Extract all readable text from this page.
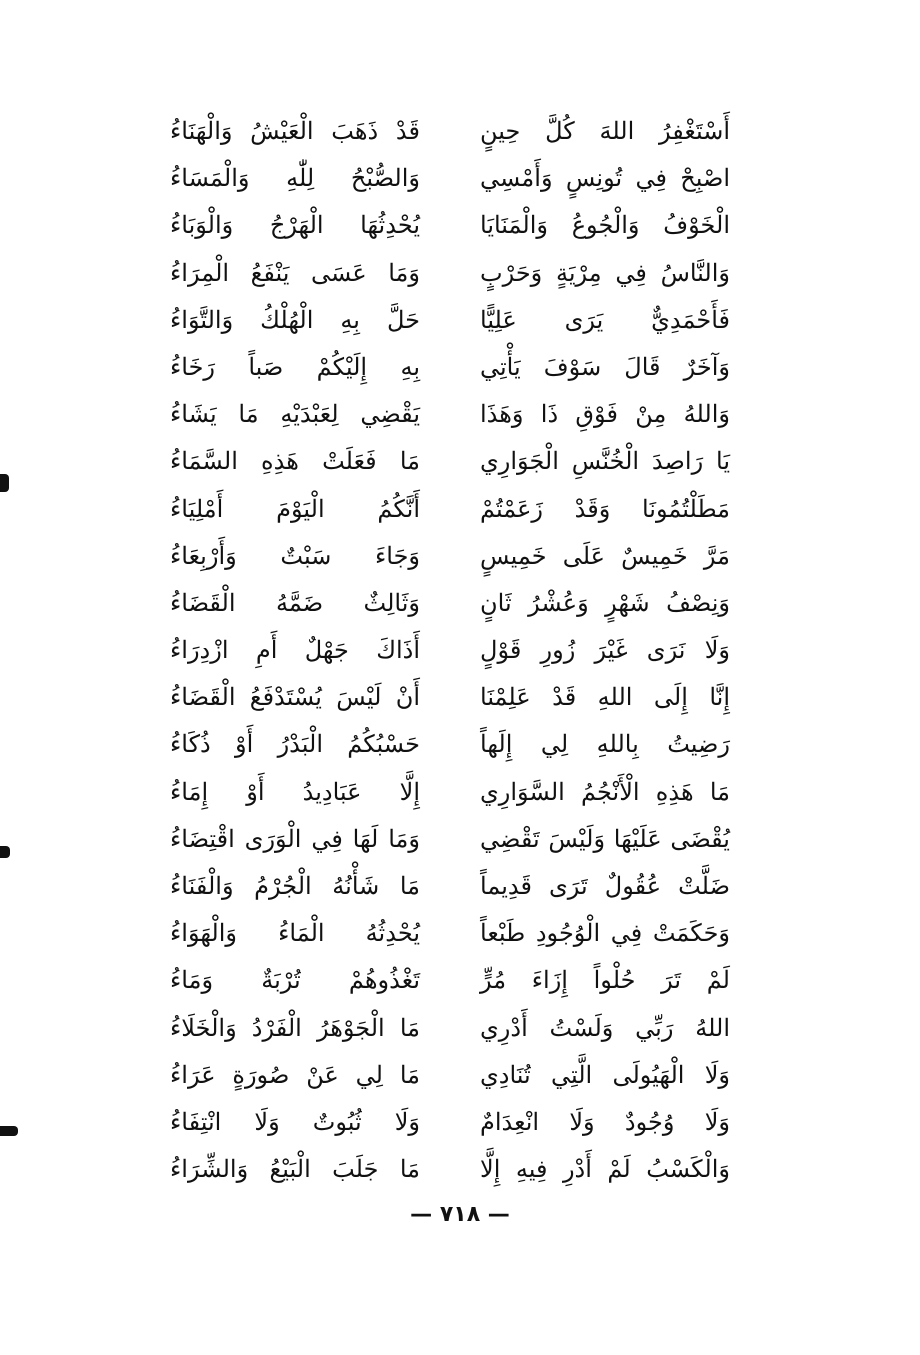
أَسْتَغْفِرُ اللهَ كُلَّ حِينٍ
قَدْ ذَهَبَ الْعَيْشُ وَالْهَنَاءُ
اصْبِحْ فِي تُونِسٍ وَأَمْسِي
وَالصُّبْحُ لِلّٰهِ وَالْمَسَاءُ
الْخَوْفُ وَالْجُوعُ وَالْمَنَايَا
يُحْدِثُهَا الْهَرْجُ وَالْوَبَاءُ
وَالنَّاسُ فِي مِرْيَةٍ وَحَرْبٍ
وَمَا عَسَى يَنْفَعُ الْمِرَاءُ
فَأَحْمَدِيٌّ يَرَى عَلِيًّا
حَلَّ بِهِ الْهُلْكُ وَالتَّوَاءُ
وَآخَرٌ قَالَ سَوْفَ يَأْتِي
بِهِ إِلَيْكُمْ صَباً رَخَاءُ
وَاللهُ مِنْ فَوْقِ ذَا وَهَذَا
يَقْضِي لِعَبْدَيْهِ مَا يَشَاءُ
يَا رَاصِدَ الْخُنَّسِ الْجَوَارِي
مَا فَعَلَتْ هَذِهِ السَّمَاءُ
مَطَلْتُمُونَا وَقَدْ زَعَمْتُمْ
أَنَّكُمُ الْيَوْمَ أَمْلِيَاءُ
مَرَّ خَمِيسٌ عَلَى خَمِيسٍ
وَجَاءَ سَبْتٌ وَأَرْبِعَاءُ
وَنِصْفُ شَهْرٍ وَعُشْرُ ثَانٍ
وَثَالِثٌ ضَمَّهُ الْقَضَاءُ
وَلَا نَرَى غَيْرَ زُورِ قَوْلٍ
أَذَاكَ جَهْلٌ أَمِ ازْدِرَاءُ
إِنَّا إِلَى اللهِ قَدْ عَلِمْنَا
أَنْ لَيْسَ يُسْتَدْفَعُ الْقَضَاءُ
رَضِيتُ بِاللهِ لِي إِلَهاً
حَسْبُكُمُ الْبَدْرُ أَوْ ذُكَاءُ
مَا هَذِهِ الْأَنْجُمُ السَّوَارِي
إِلَّا عَبَادِيدُ أَوْ إِمَاءُ
يُقْضَى عَلَيْهَا وَلَيْسَ تَقْضِي
وَمَا لَهَا فِي الْوَرَى اقْتِضَاءُ
ضَلَّتْ عُقُولٌ تَرَى قَدِيماً
مَا شَأْنُهُ الْجُرْمُ وَالْفَنَاءُ
وَحَكَمَتْ فِي الْوُجُودِ طَبْعاً
يُحْدِثُهُ الْمَاءُ وَالْهَوَاءُ
لَمْ تَرَ حُلْواً إِزَاءَ مُرٍّ
تَغْذُوهُمْ تُرْبَةٌ وَمَاءُ
اللهُ رَبِّي وَلَسْتُ أَدْرِي
مَا الْجَوْهَرُ الْفَرْدُ وَالْخَلَاءُ
وَلَا الْهَيُولَى الَّتِي تُنَادِي
مَا لِي عَنْ صُورَةٍ عَرَاءُ
وَلَا وُجُودٌ وَلَا انْعِدَامٌ
وَلَا ثُبُوتٌ وَلَا انْتِفَاءُ
وَالْكَسْبُ لَمْ أَدْرِ فِيهِ إِلَّا
مَا جَلَبَ الْبَيْعُ وَالشِّرَاءُ
— ٧١٨ —
